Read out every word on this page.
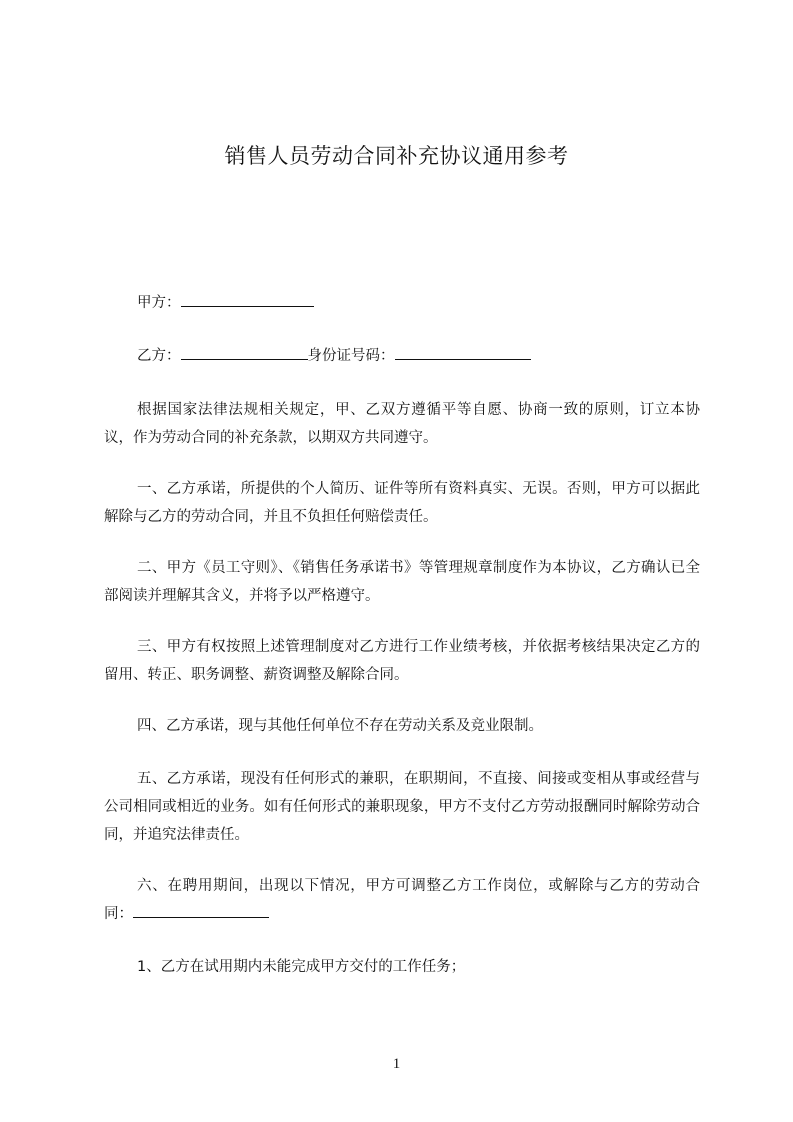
销售人员劳动合同补充协议通用参考
甲方：
乙方：	身份证号码：

根据国家法律法规相关规定，甲、乙双方遵循平等自愿、协商一致的原则，订立本协议，作为劳动合同的补充条款，以期双方共同遵守。

一、乙方承诺，所提供的个人简历、证件等所有资料真实、无误。否则，甲方可以据此解除与乙方的劳动合同，并且不负担任何赔偿责任。

二、甲方《员工守则》、《销售任务承诺书》等管理规章制度作为本协议，乙方确认已全部阅读并理解其含义，并将予以严格遵守。

三、甲方有权按照上述管理制度对乙方进行工作业绩考核，并依据考核结果决定乙方的留用、转正、职务调整、薪资调整及解除合同。

四、乙方承诺，现与其他任何单位不存在劳动关系及竞业限制。

五、乙方承诺，现没有任何形式的兼职，在职期间，不直接、间接或变相从事或经营与公司相同或相近的业务。如有任何形式的兼职现象，甲方不支付乙方劳动报酬同时解除劳动合同，并追究法律责任。

六、在聘用期间，出现以下情况，甲方可调整乙方工作岗位，或解除与乙方的劳动合同：

1、乙方在试用期内未能完成甲方交付的工作任务；

1
